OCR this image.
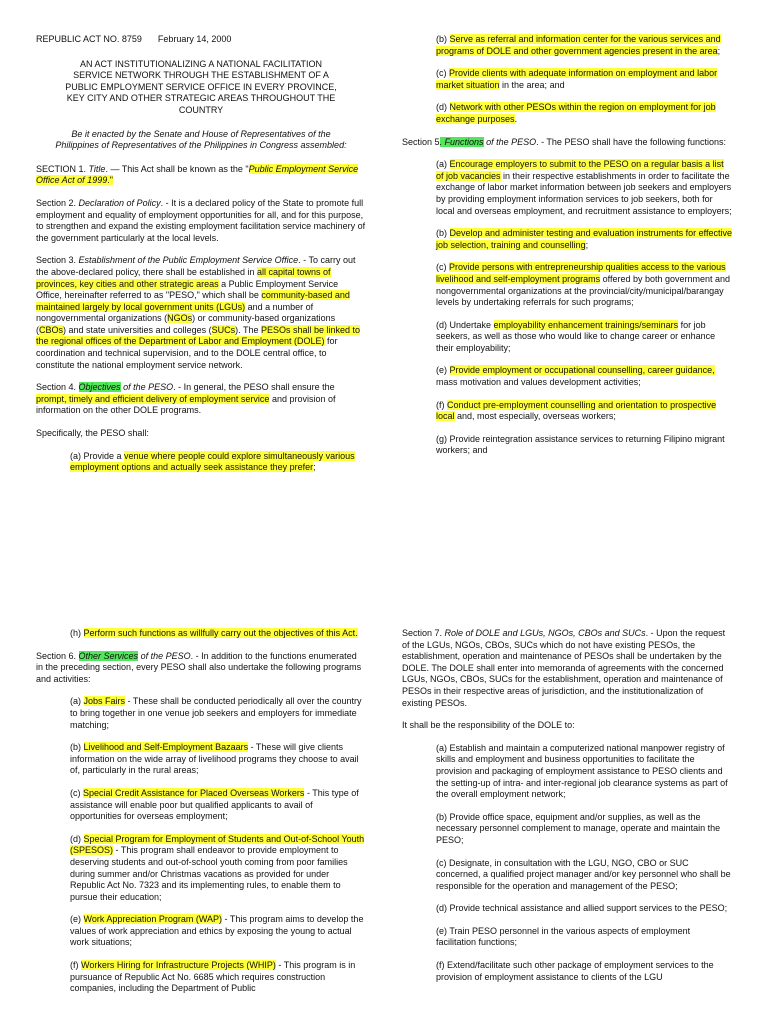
REPUBLIC ACT NO. 8759 February 14, 2000

AN ACT INSTITUTIONALIZING A NATIONAL FACILITATION
SERVICE NETWORK THROUGH THE ESTABLISHMENT OF A
PUBLIC EMPLOYMENT SERVICE OFFICE IN EVERY PROVINCE,
KEY CITY AND OTHER STRATEGIC AREAS THROUGHOUT THE
COUNTRY
Be it enacted by the Senate and House of Representatives of the
Philippines of Representatives of the Philippines in Congress assembled:

SECTION 1. Title. — This Act shall be known as the "Public Employment Service Office Act of 1999."

Section 2. Declaration of Policy. - It is a declared policy of the State to promote full employment and equality of employment opportunities for all, and for this purpose, to strengthen and expand the existing employment facilitation service machinery of the government particularly at the local levels.

Section 3. Establishment of the Public Employment Service Office. - To carry out the above-declared policy, there shall be established in all capital towns of provinces, key cities and other strategic areas a Public Employment Service Office, hereinafter referred to as "PESO," which shall be community-based and maintained largely by local government units (LGUs) and a number of nongovernmental organizations (NGOs) or community-based organizations (CBOs) and state universities and colleges (SUCs). The PESOs shall be linked to the regional offices of the Department of Labor and Employment (DOLE) for coordination and technical supervision, and to the DOLE central office, to constitute the national employment service network.

Section 4. Objectives of the PESO. - In general, the PESO shall ensure the prompt, timely and efficient delivery of employment service and provision of information on the other DOLE programs.

Specifically, the PESO shall:

(a) Provide a venue where people could explore simultaneously various employment options and actually seek assistance they prefer;

(b) Serve as referral and information center for the various services and programs of DOLE and other government agencies present in the area;

(c) Provide clients with adequate information on employment and labor market situation in the area; and

(d) Network with other PESOs within the region on employment for job exchange purposes.

Section 5. Functions of the PESO. - The PESO shall have the following functions:

(a) Encourage employers to submit to the PESO on a regular basis a list of job vacancies in their respective establishments in order to facilitate the exchange of labor market information between job seekers and employers by providing employment information services to job seekers, both for local and overseas employment, and recruitment assistance to employers;

(b) Develop and administer testing and evaluation instruments for effective job selection, training and counselling;

(c) Provide persons with entrepreneurship qualities access to the various livelihood and self-employment programs offered by both government and nongovernmental organizations at the provincial/city/municipal/barangay levels by undertaking referrals for such programs;

(d) Undertake employability enhancement trainings/seminars for job seekers, as well as those who would like to change career or enhance their employability;

(e) Provide employment or occupational counselling, career guidance, mass motivation and values development activities;

(f) Conduct pre-employment counselling and orientation to prospective local and, most especially, overseas workers;

(g) Provide reintegration assistance services to returning Filipino migrant workers; and

(h) Perform such functions as willfully carry out the objectives of this Act.

Section 6. Other Services of the PESO. - In addition to the functions enumerated in the preceding section, every PESO shall also undertake the following programs and activities:

(a) Jobs Fairs - These shall be conducted periodically all over the country to bring together in one venue job seekers and employers for immediate matching;

(b) Livelihood and Self-Employment Bazaars - These will give clients information on the wide array of livelihood programs they choose to avail of, particularly in the rural areas;

(c) Special Credit Assistance for Placed Overseas Workers - This type of assistance will enable poor but qualified applicants to avail of opportunities for overseas employment;

(d) Special Program for Employment of Students and Out-of-School Youth (SPESOS) - This program shall endeavor to provide employment to deserving students and out-of-school youth coming from poor families during summer and/or Christmas vacations as provided for under Republic Act No. 7323 and its implementing rules, to enable them to pursue their education;

(e) Work Appreciation Program (WAP) - This program aims to develop the values of work appreciation and ethics by exposing the young to actual work situations;

(f) Workers Hiring for Infrastructure Projects (WHIP) - This program is in pursuance of Republic Act No. 6685 which requires construction companies, including the Department of Public

Section 7. Role of DOLE and LGUs, NGOs, CBOs and SUCs. - Upon the request of the LGUs, NGOs, CBOs, SUCs which do not have existing PESOs, the establishment, operation and maintenance of PESOs shall be undertaken by the DOLE. The DOLE shall enter into memoranda of agreements with the concerned LGUs, NGOs, CBOs, SUCs for the establishment, operation and maintenance of PESOs in their respective areas of jurisdiction, and the institutionalization of existing PESOs.

It shall be the responsibility of the DOLE to:

(a) Establish and maintain a computerized national manpower registry of skills and employment and business opportunities to facilitate the provision and packaging of employment assistance to PESO clients and the setting-up of intra- and inter-regional job clearance systems as part of the overall employment network;

(b) Provide office space, equipment and/or supplies, as well as the necessary personnel complement to manage, operate and maintain the PESO;

(c) Designate, in consultation with the LGU, NGO, CBO or SUC concerned, a qualified project manager and/or key personnel who shall be responsible for the operation and management of the PESO;

(d) Provide technical assistance and allied support services to the PESO;

(e) Train PESO personnel in the various aspects of employment facilitation functions;

(f) Extend/facilitate such other package of employment services to the provision of employment assistance to clients of the LGU
